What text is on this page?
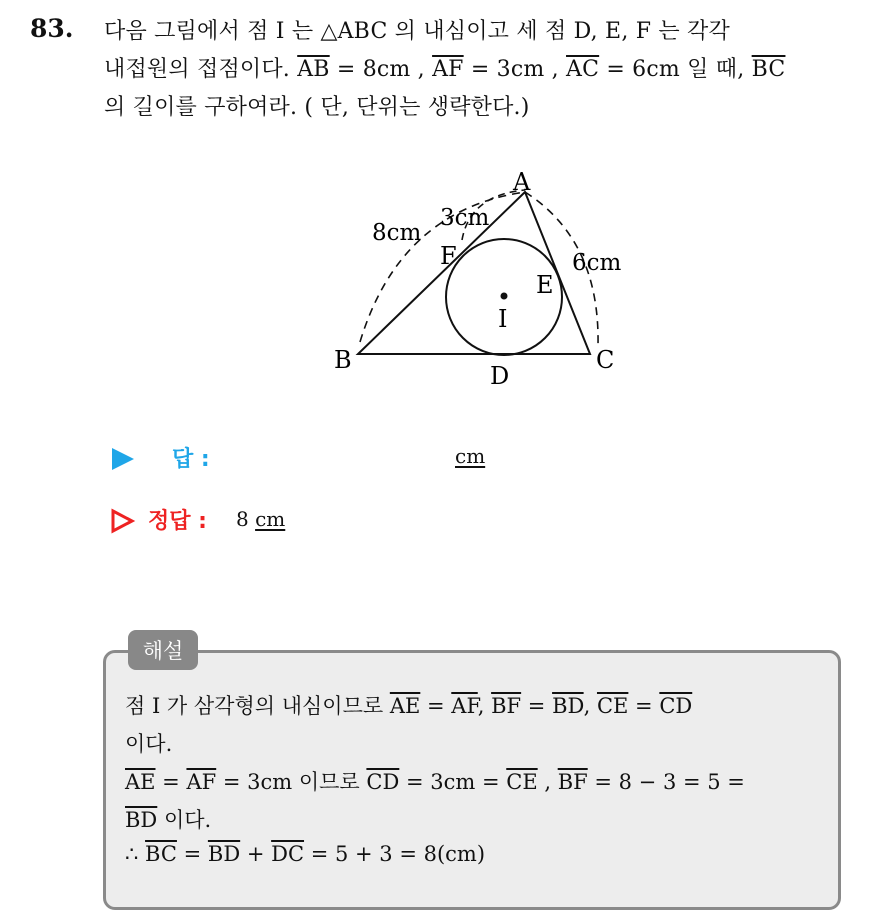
83. 다음 그림에서 점 I 는 △ABC 의 내심이고 세 점 D, E, F 는 각각
내접원의 접점이다. $\overline{AB} = 8cm$ , $\overline{AF} = 3cm$ , $\overline{AC} = 6cm$ 일 때, $\overline{BC}$
의 길이를 구하여라. ( 단, 단위는 생략한다.)
A
B	C
D
E
F
I
8cm
3cm
6cm
답 :	cm
정답 : 8 cm
해설
점 I 가 삼각형의 내심이므로 $\overline{AE} = \overline{AF}$, $\overline{BF} = \overline{BD}$, $\overline{CE} = \overline{CD}$
이다.
$\overline{AE} = \overline{AF} = 3cm$ 이므로 $\overline{CD} = 3cm = \overline{CE}$ , $\overline{BF} = 8 - 3 = 5$ =
$\overline{BD}$ 이다.
∴ $\overline{BC} = \overline{BD} + \overline{DC} = 5 + 3 = 8(cm)$
